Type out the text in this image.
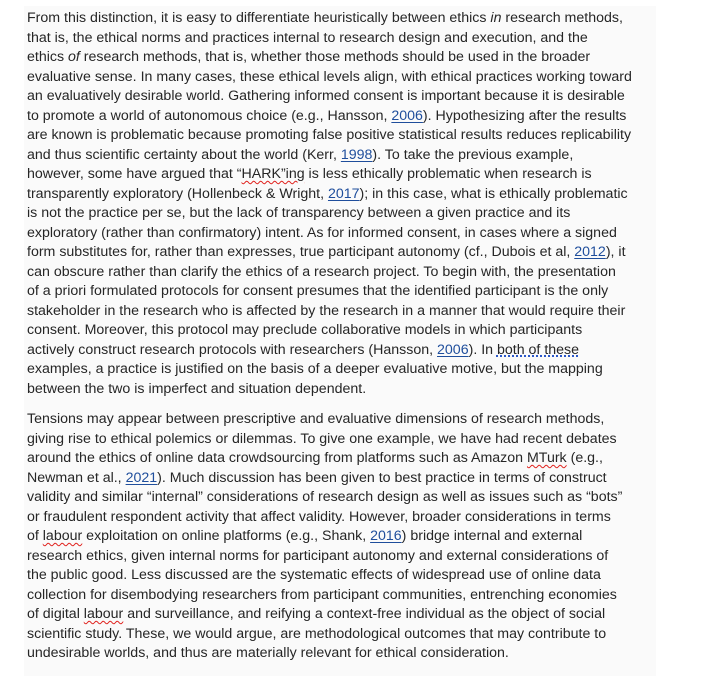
From this distinction, it is easy to differentiate heuristically between ethics in research methods,
that is, the ethical norms and practices internal to research design and execution, and the
ethics of research methods, that is, whether those methods should be used in the broader
evaluative sense. In many cases, these ethical levels align, with ethical practices working toward
an evaluatively desirable world. Gathering informed consent is important because it is desirable
to promote a world of autonomous choice (e.g., Hansson, 2006). Hypothesizing after the results
are known is problematic because promoting false positive statistical results reduces replicability
and thus scientific certainty about the world (Kerr, 1998). To take the previous example,
however, some have argued that “HARK”ing is less ethically problematic when research is
transparently exploratory (Hollenbeck & Wright, 2017); in this case, what is ethically problematic
is not the practice per se, but the lack of transparency between a given practice and its
exploratory (rather than confirmatory) intent. As for informed consent, in cases where a signed
form substitutes for, rather than expresses, true participant autonomy (cf., Dubois et al, 2012), it
can obscure rather than clarify the ethics of a research project. To begin with, the presentation
of a priori formulated protocols for consent presumes that the identified participant is the only
stakeholder in the research who is affected by the research in a manner that would require their
consent. Moreover, this protocol may preclude collaborative models in which participants
actively construct research protocols with researchers (Hansson, 2006). In both of these
examples, a practice is justified on the basis of a deeper evaluative motive, but the mapping
between the two is imperfect and situation dependent.

Tensions may appear between prescriptive and evaluative dimensions of research methods,
giving rise to ethical polemics or dilemmas. To give one example, we have had recent debates
around the ethics of online data crowdsourcing from platforms such as Amazon MTurk (e.g.,
Newman et al., 2021). Much discussion has been given to best practice in terms of construct
validity and similar “internal” considerations of research design as well as issues such as “bots”
or fraudulent respondent activity that affect validity. However, broader considerations in terms
of labour exploitation on online platforms (e.g., Shank, 2016) bridge internal and external
research ethics, given internal norms for participant autonomy and external considerations of
the public good. Less discussed are the systematic effects of widespread use of online data
collection for disembodying researchers from participant communities, entrenching economies
of digital labour and surveillance, and reifying a context-free individual as the object of social
scientific study. These, we would argue, are methodological outcomes that may contribute to
undesirable worlds, and thus are materially relevant for ethical consideration.
